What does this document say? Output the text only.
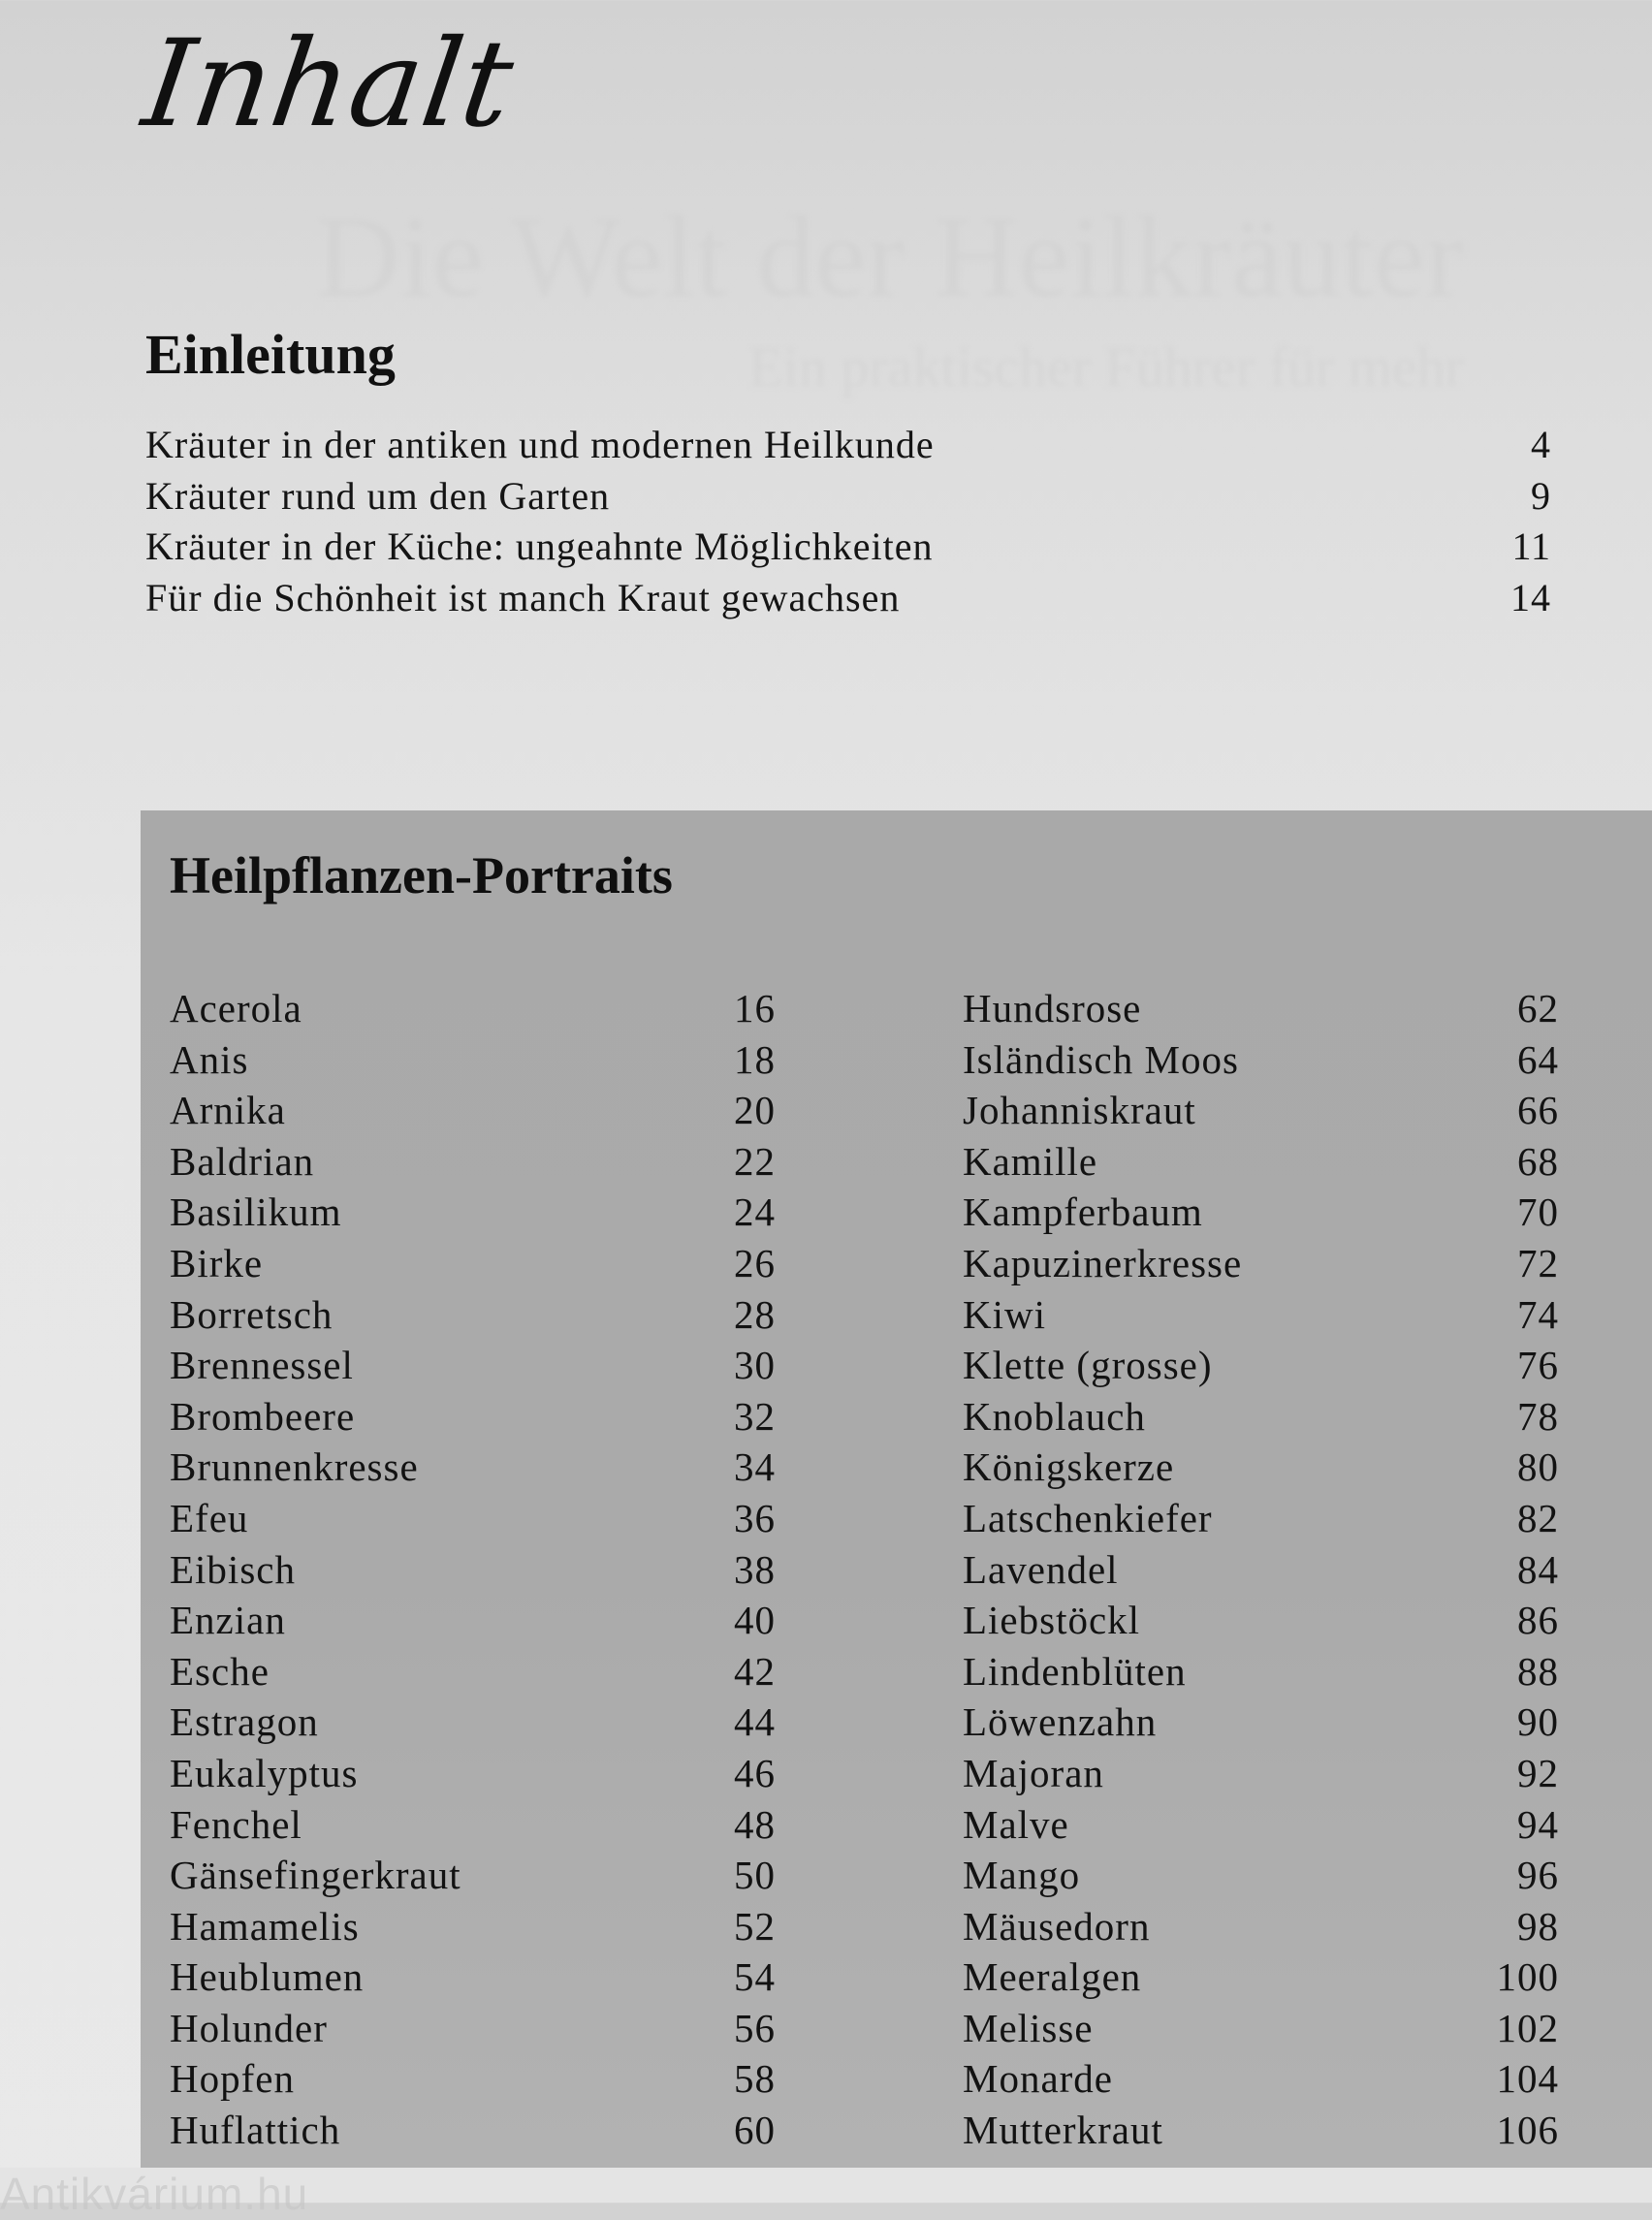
Die Welt der Heilkräuter
Ein praktischer Führer für mehr
Inhalt
Einleitung
Kräuter in der antiken und modernen Heilkunde	4
Kräuter rund um den Garten	9
Kräuter in der Küche: ungeahnte Möglichkeiten	11
Für die Schönheit ist manch Kraut gewachsen	14
Heilpflanzen-Portraits
Acerola	16
Anis	18
Arnika	20
Baldrian	22
Basilikum	24
Birke	26
Borretsch	28
Brennessel	30
Brombeere	32
Brunnenkresse	34
Efeu	36
Eibisch	38
Enzian	40
Esche	42
Estragon	44
Eukalyptus	46
Fenchel	48
Gänsefingerkraut	50
Hamamelis	52
Heublumen	54
Holunder	56
Hopfen	58
Huflattich	60
Hundsrose	62
Isländisch Moos	64
Johanniskraut	66
Kamille	68
Kampferbaum	70
Kapuzinerkresse	72
Kiwi	74
Klette (grosse)	76
Knoblauch	78
Königskerze	80
Latschenkiefer	82
Lavendel	84
Liebstöckl	86
Lindenblüten	88
Löwenzahn	90
Majoran	92
Malve	94
Mango	96
Mäusedorn	98
Meeralgen	100
Melisse	102
Monarde	104
Mutterkraut	106

Antikvárium.hu
